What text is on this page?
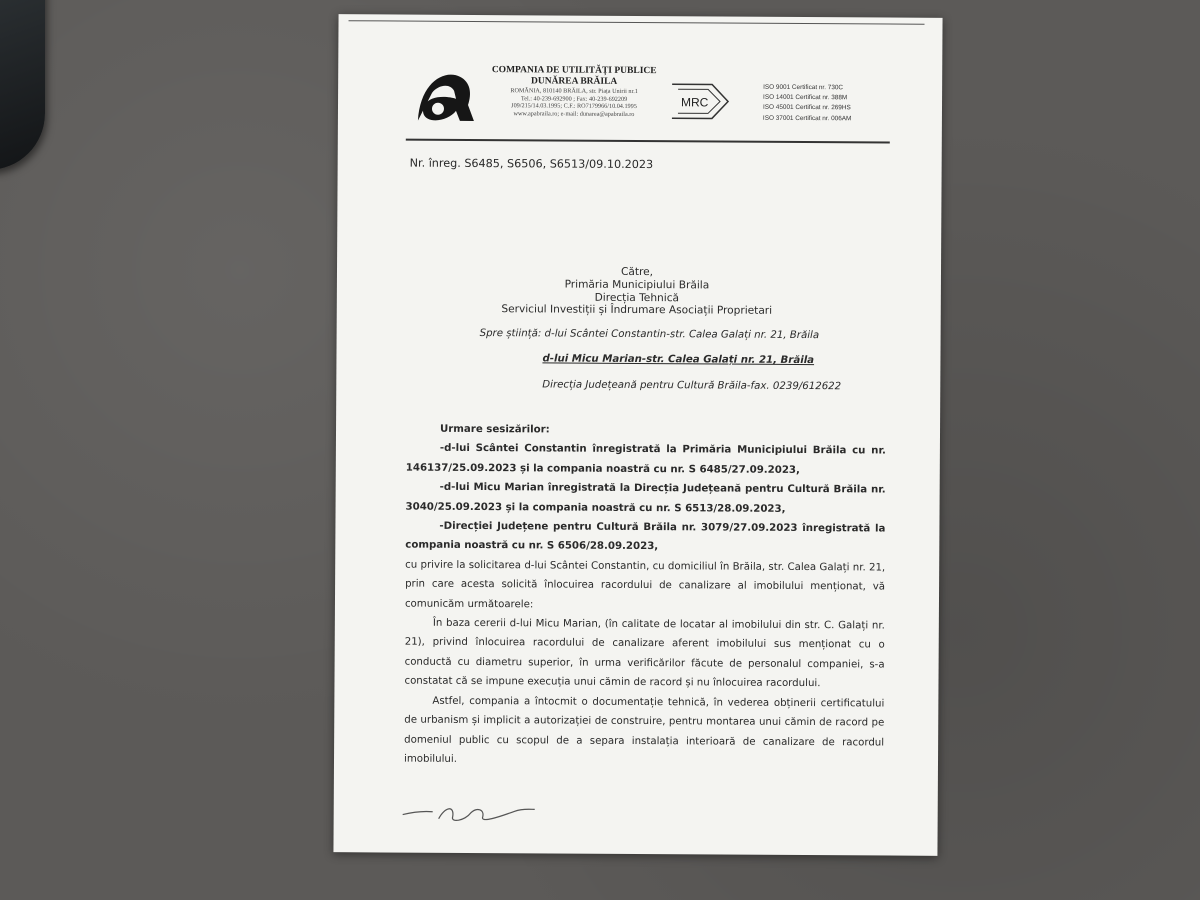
COMPANIA DE UTILITĂȚI PUBLICE
DUNĂREA BRĂILA
ROMÂNIA, 810140 BRĂILA, str. Piața Unirii nr.1
Tel.: 40-239-692900 ; Fax: 40-239-692209
J09/215/14.03.1995; C.F.: RO7179966/10.04.1995
www.apabraila.ro; e-mail: dunarea@apabraila.ro
MRC
ISO 9001 Certificat nr. 730C
ISO 14001 Certificat nr. 388M
ISO 45001 Certificat nr. 269HS
ISO 37001 Certificat nr. 006AM
Nr. înreg. S6485, S6506, S6513/09.10.2023
Către,
Primăria Municipiului Brăila
Direcția Tehnică
Serviciul Investiții și Îndrumare Asociații Proprietari
Spre știință: d-lui Scântei Constantin-str. Calea Galați nr. 21, Brăila
d-lui Micu Marian-str. Calea Galați nr. 21, Brăila
Direcția Județeană pentru Cultură Brăila-fax. 0239/612622

Urmare sesizărilor:

-d-lui Scântei Constantin înregistrată la Primăria Municipiului Brăila cu nr. 146137/25.09.2023 și la compania noastră cu nr. S 6485/27.09.2023,

-d-lui Micu Marian înregistrată la Direcția Județeană pentru Cultură Brăila nr. 3040/25.09.2023 și la compania noastră cu nr. S 6513/28.09.2023,

-Direcției Județene pentru Cultură Brăila nr. 3079/27.09.2023 înregistrată la compania noastră cu nr. S 6506/28.09.2023,

cu privire la solicitarea d-lui Scântei Constantin, cu domiciliul în Brăila, str. Calea Galați nr. 21, prin care acesta solicită înlocuirea racordului de canalizare al imobilului menționat, vă comunicăm următoarele:

În baza cererii d-lui Micu Marian, (în calitate de locatar al imobilului din str. C. Galați nr. 21), privind înlocuirea racordului de canalizare aferent imobilului sus menționat cu o conductă cu diametru superior, în urma verificărilor făcute de personalul companiei, s-a constatat că se impune execuția unui cămin de racord și nu înlocuirea racordului.

Astfel, compania a întocmit o documentație tehnică, în vederea obținerii certificatului de urbanism și implicit a autorizației de construire, pentru montarea unui cămin de racord pe domeniul public cu scopul de a separa instalația interioară de canalizare de racordul imobilului.
